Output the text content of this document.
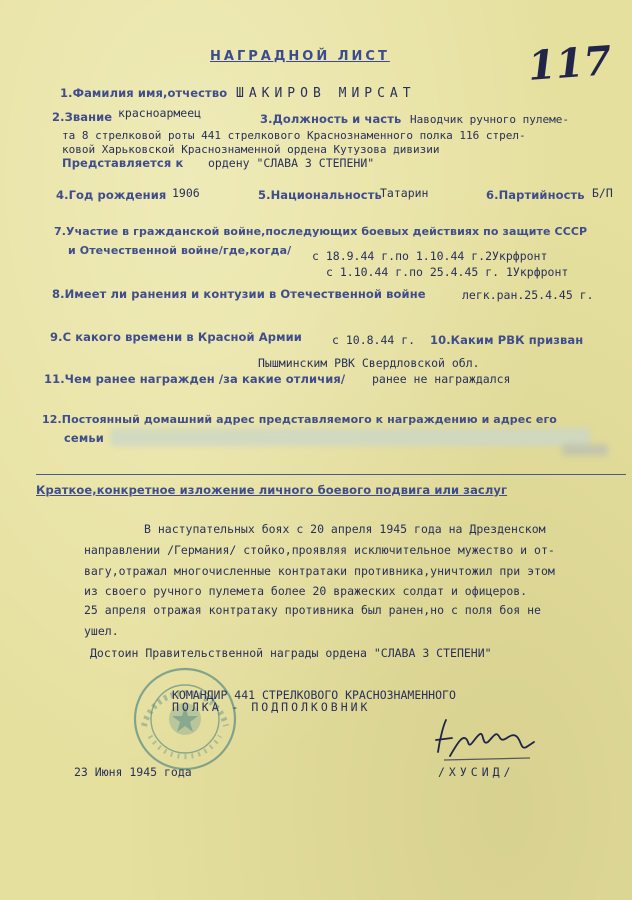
НАГРАДНОЙ ЛИСТ	117
1.Фамилия имя,отчество ШАКИРОВ МИРСАТ
2.Звание красноармеец	3.Должность и часть Наводчик ручного пулеме-
та 8 стрелковой роты 441 стрелкового Краснознаменного полка 116 стрел-
ковой Харьковской Краснознаменной ордена Кутузова дивизии
Представляется к ордену "СЛАВА 3 СТЕПЕНИ"
4.Год рождения 1906	5.Национальность
Татарин	6.Партийность Б/П
7.Участие в гражданской войне,последующих боевых действиях по защите СССР
и Отечественной войне/где,когда/ с 18.9.44 г.по 1.10.44 г.2Укрфронт
с 1.10.44 г.по 25.4.45 г. 1Укрфронт
8.Имеет ли ранения и контузии в Отечественной войне	легк.ран.25.4.45 г.
9.С какого времени в Красной Армии	с 10.8.44 г. 10.Каким РВК призван
Пышминским РВК Свердловской обл.
11.Чем ранее награжден /за какие отличия/ ранее не награждался
12.Постоянный домашний адрес представляемого к награждению и адрес его
семьи
Краткое,конкретное изложение личного боевого подвига или заслуг
В наступательных боях с 20 апреля 1945 года на Дрезденском
направлении /Германия/ стойко,проявляя исключительное мужество и от-
вагу,отражал многочисленные контратаки противника,уничтожил при этом
из своего ручного пулемета более 20 вражеских солдат и офицеров.
25 апреля отражая контратаку противника был ранен,но с поля боя не
ушел.
Достоин Правительственной награды ордена "СЛАВА 3 СТЕПЕНИ"
КОМАНДИР 441 СТРЕЛКОВОГО КРАСНОЗНАМЕННОГО
ПОЛКА - ПОДПОЛКОВНИК
23 Июня 1945 года	/ХУСИД/
